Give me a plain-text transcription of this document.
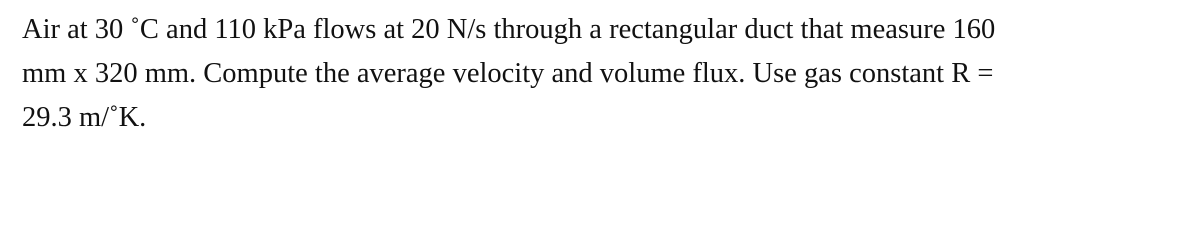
Air at 30 ˚C and 110 kPa flows at 20 N/s through a rectangular duct that measure 160
mm x 320 mm. Compute the average velocity and volume flux. Use gas constant R =
29.3 m/˚K.
